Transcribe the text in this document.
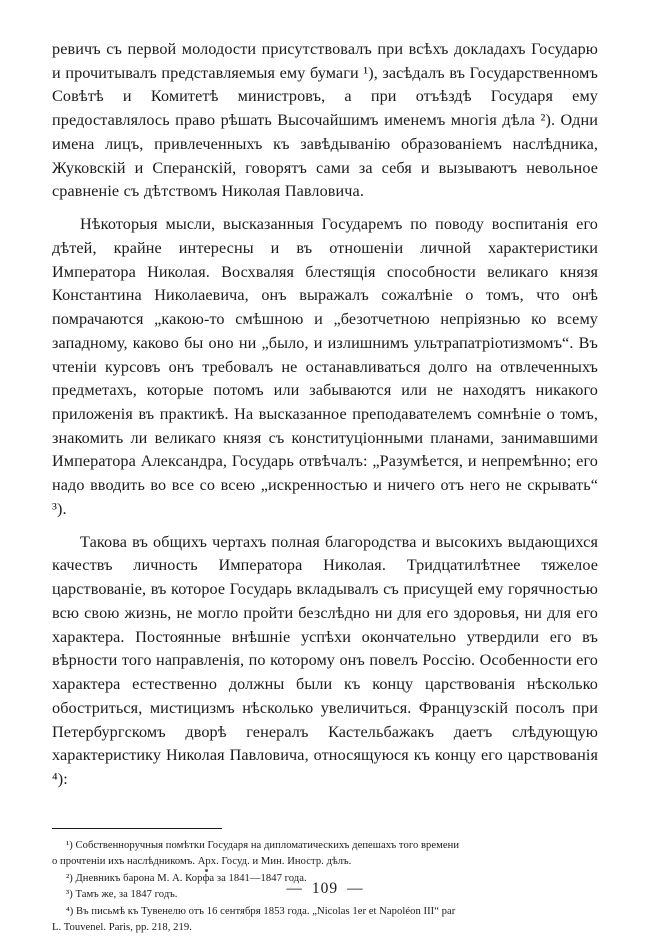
ревичъ съ первой молодости присутствовалъ при всѣхъ докладахъ Государю и прочитывалъ представляемыя ему бумаги ¹), засѣдалъ въ Государственномъ Совѣтѣ и Комитетѣ министровъ, а при отъѣздѣ Государя ему предоставлялось право рѣшать Высочайшимъ именемъ многія дѣла ²). Одни имена лицъ, привлеченныхъ къ завѣдыванію образованіемъ наслѣдника, Жуковскій и Сперанскій, говорятъ сами за себя и вызываютъ невольное сравненіе съ дѣтствомъ Николая Павловича.

Нѣкоторыя мысли, высказанныя Государемъ по поводу воспитанія его дѣтей, крайне интересны и въ отношеніи личной характеристики Императора Николая. Восхваляя блестящія способности великаго князя Константина Николаевича, онъ выражалъ сожалѣніе о томъ, что онѣ помрачаются „какою-то смѣшною и „безотчетною непріязнью ко всему западному, каково бы оно ни „было, и излишнимъ ультрапатріотизмомъ“. Въ чтеніи курсовъ онъ требовалъ не останавливаться долго на отвлеченныхъ предметахъ, которые потомъ или забываются или не находятъ никакого приложенія въ практикѣ. На высказанное преподавателемъ сомнѣніе о томъ, знакомить ли великаго князя съ конституціонными планами, занимавшими Императора Александра, Государь отвѣчалъ: „Разумѣется, и непремѣнно; его надо вводить во все со всею „искренностью и ничего отъ него не скрывать“ ³).

Такова въ общихъ чертахъ полная благородства и высокихъ выдающихся качествъ личность Императора Николая. Тридцатилѣтнее тяжелое царствованіе, въ которое Государь вкладывалъ съ присущей ему горячностью всю свою жизнь, не могло пройти безслѣдно ни для его здоровья, ни для его характера. Постоянные внѣшніе успѣхи окончательно утвердили его въ вѣрности того направленія, по которому онъ повелъ Россію. Особенности его характера естественно должны были къ концу царствованія нѣсколько обостриться, мистицизмъ нѣсколько увеличиться. Французскій посолъ при Петербургскомъ дворѣ генералъ Кастельбажакъ даетъ слѣдующую характеристику Николая Павловича, относящуюся къ концу его царствованія ⁴):

¹) Собственноручныя помѣтки Государя на дипломатическихъ депешахъ того времени

о прочтеніи ихъ наслѣдникомъ. Арх. Госуд. и Мин. Иностр. дѣлъ.

²) Дневникъ барона М. А. Корфа за 1841—1847 года.

³) Тамъ же, за 1847 годъ.

⁴) Въ письмѣ къ Тувенелю отъ 16 сентября 1853 года. „Nicolas 1er et Napoléon III“ par

L. Touvenel. Paris, pp. 218, 219.

— 109 —
